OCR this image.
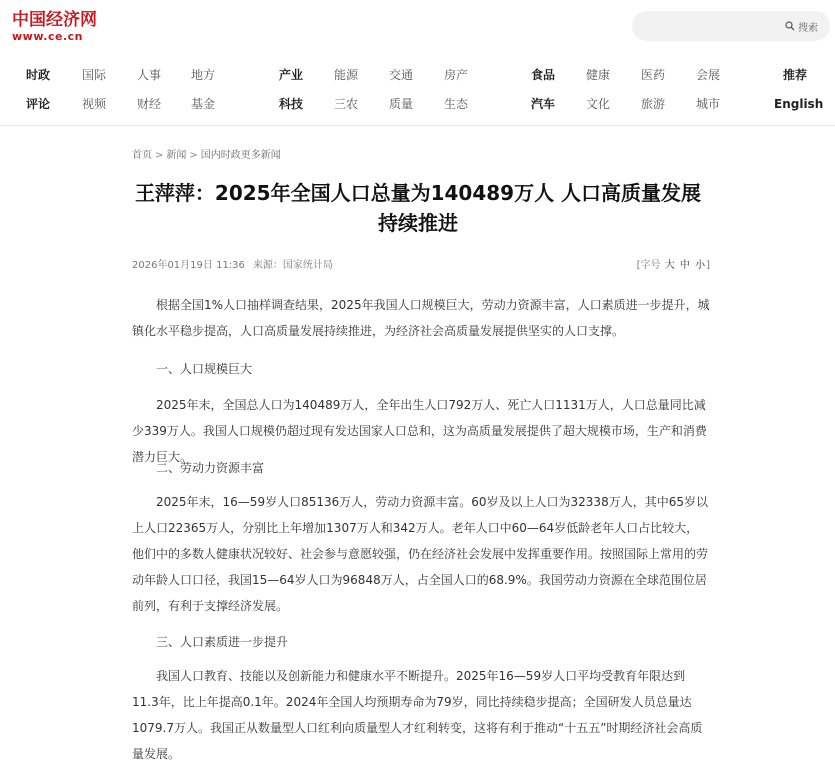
中国经济网
www.ce.cn
搜索
时政	国际	人事 地方	产业	能源	交通	房产	食品	健康	医药	会展	推荐
评论	视频	财经 基金	科技	三农	质量	生态	汽车	文化	旅游	城市	English
首页 > 新闻 > 国内时政更多新闻
王萍萍：2025年全国人口总量为140489万人 人口高质量发展持续推进
2026年01月19日 11:36 来源：国家统计局	[字号 大 中 小]

根据全国1%人口抽样调查结果，2025年我国人口规模巨大，劳动力资源丰富，人口素质进一步提升，城镇化水平稳步提高，人口高质量发展持续推进，为经济社会高质量发展提供坚实的人口支撑。

一、人口规模巨大

2025年末，全国总人口为140489万人，全年出生人口792万人、死亡人口1131万人，人口总量同比减少339万人。我国人口规模仍超过现有发达国家人口总和，这为高质量发展提供了超大规模市场，生产和消费潜力巨大。

二、劳动力资源丰富

2025年末，16—59岁人口85136万人，劳动力资源丰富。60岁及以上人口为32338万人，其中65岁以上人口22365万人，分别比上年增加1307万人和342万人。老年人口中60—64岁低龄老年人口占比较大，他们中的多数人健康状况较好、社会参与意愿较强，仍在经济社会发展中发挥重要作用。按照国际上常用的劳动年龄人口口径，我国15—64岁人口为96848万人，占全国人口的68.9%。我国劳动力资源在全球范围位居前列，有利于支撑经济发展。

三、人口素质进一步提升

我国人口教育、技能以及创新能力和健康水平不断提升。2025年16—59岁人口平均受教育年限达到11.3年，比上年提高0.1年。2024年全国人均预期寿命为79岁，同比持续稳步提高；全国研发人员总量达1079.7万人。我国正从数量型人口红利向质量型人才红利转变，这将有利于推动“十五五”时期经济社会高质量发展。
